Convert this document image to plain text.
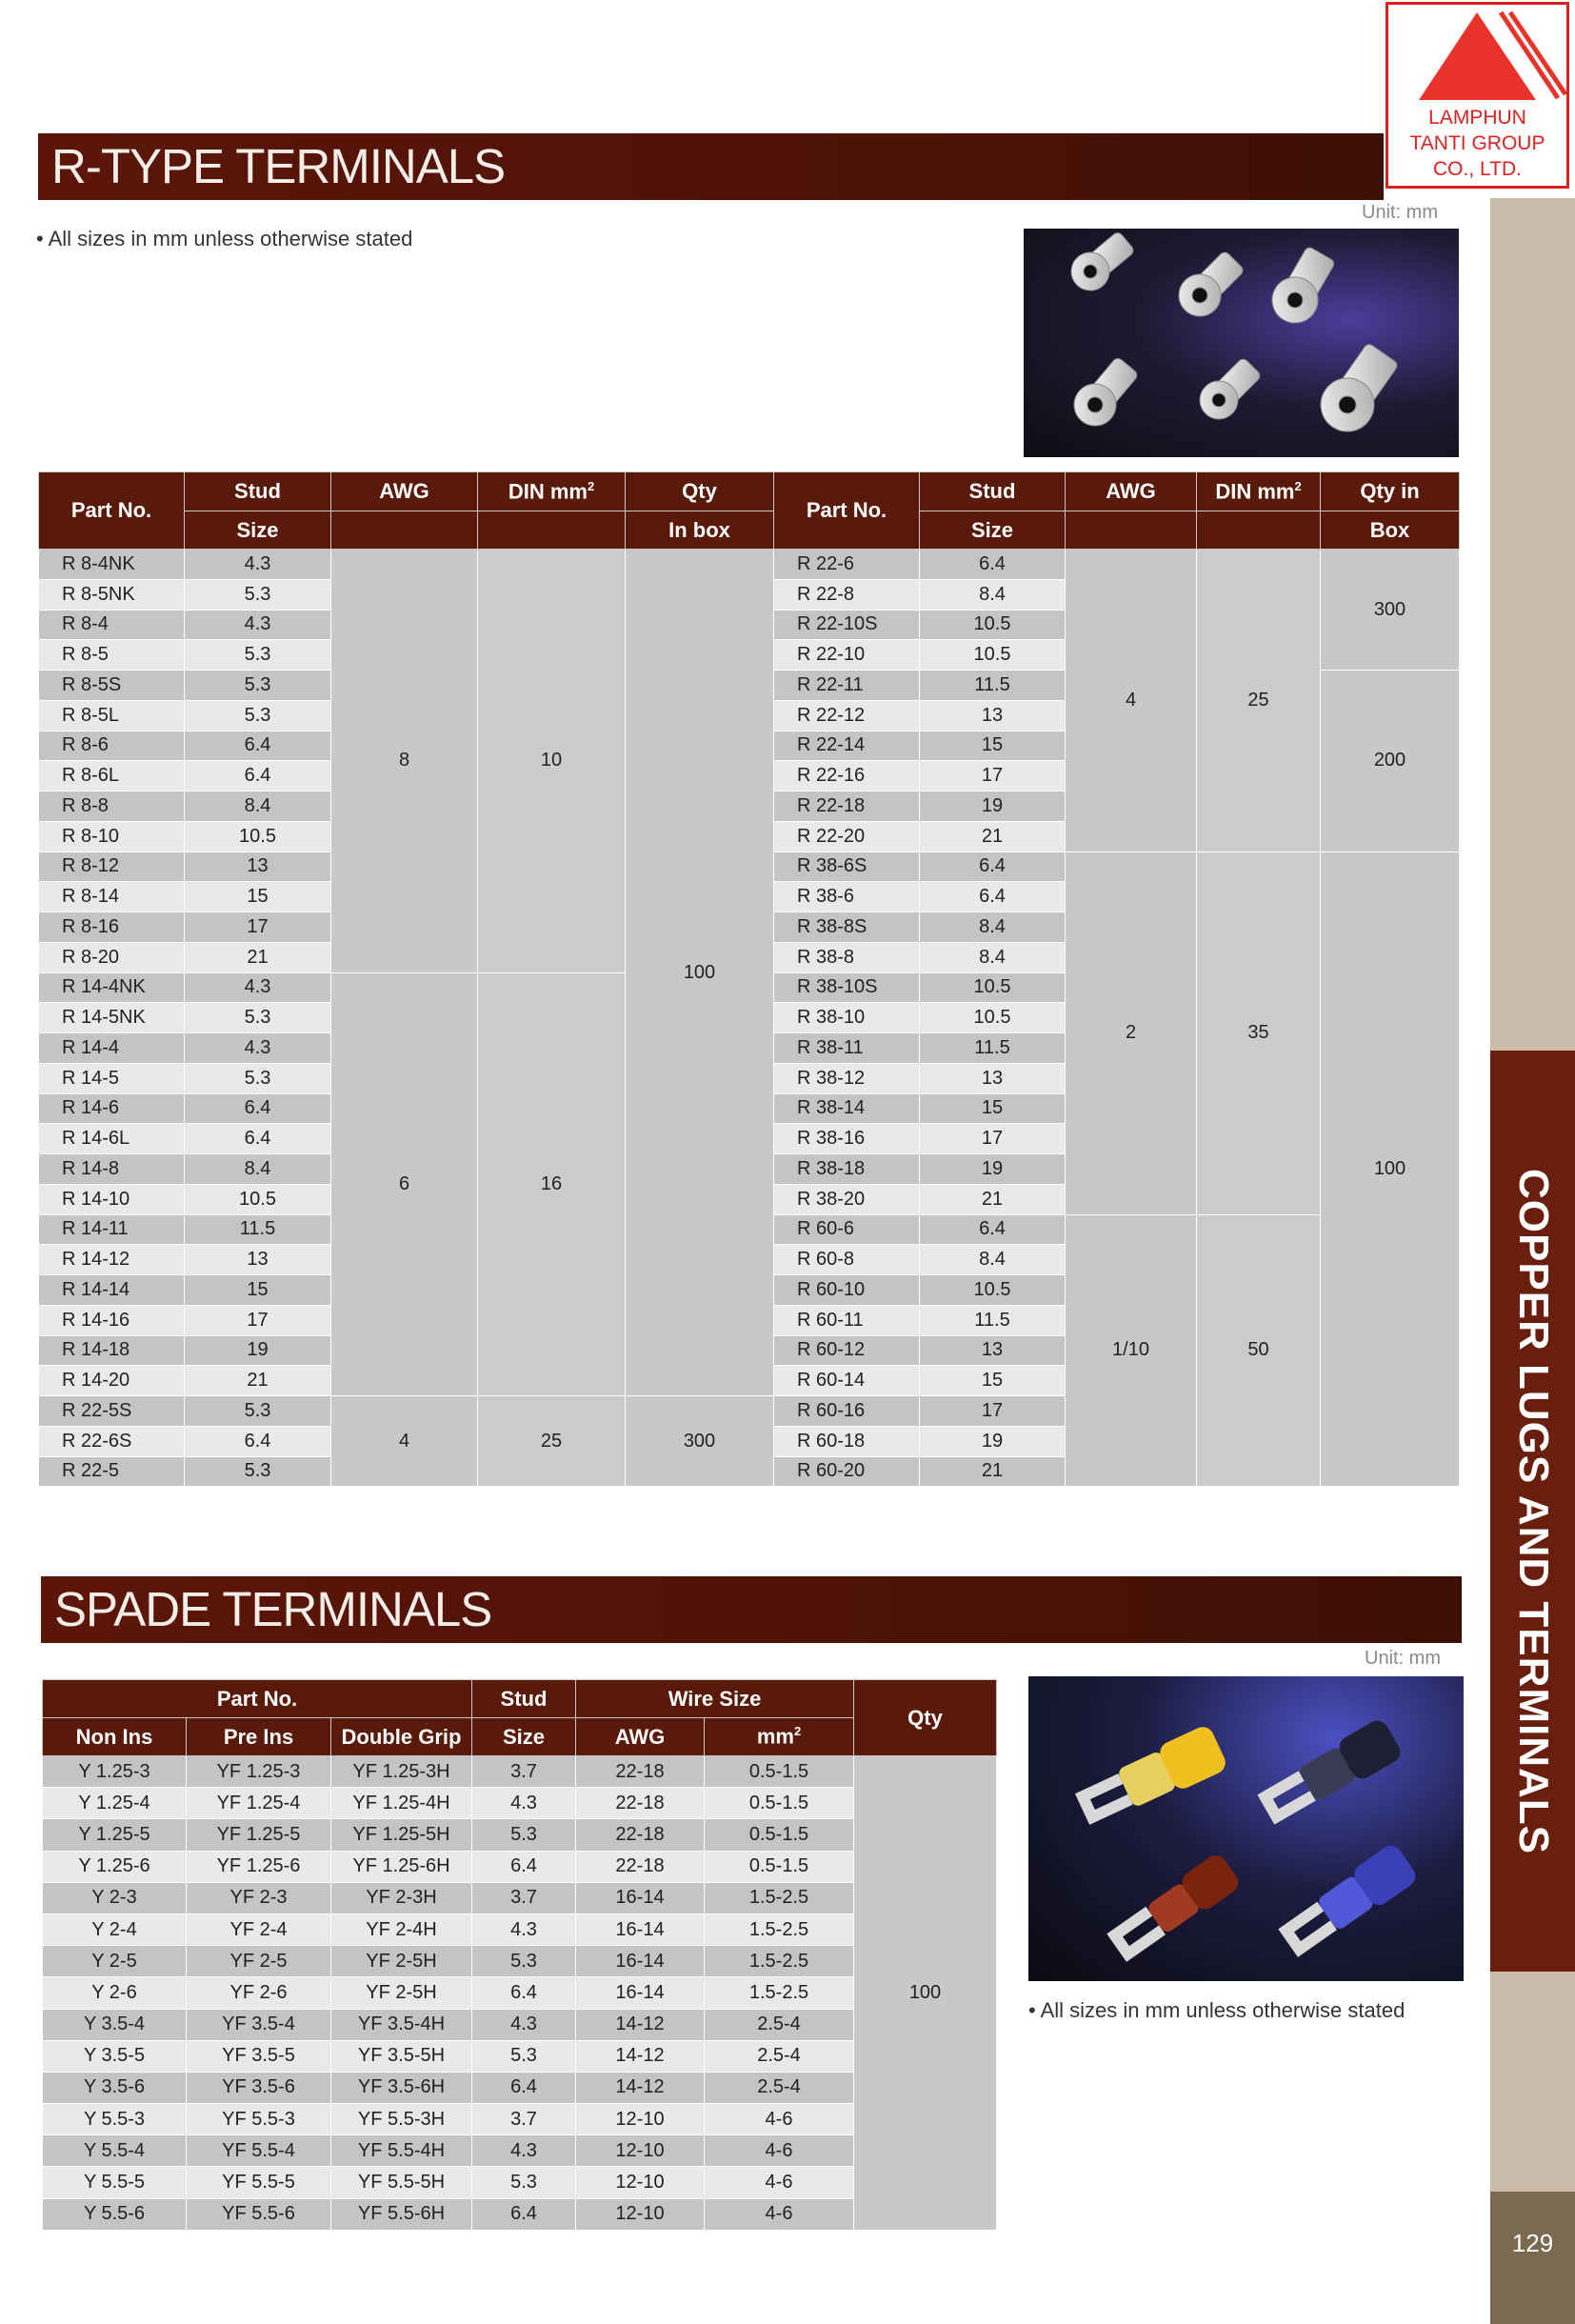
LAMPHUN
TANTI GROUP
CO., LTD.
COPPER LUGS AND TERMINALS
129
R-TYPE TERMINALS
• All sizes in mm unless otherwise stated
Unit: mm
Part No.	Stud	AWG	DIN $mm^2$	Qty
	Size			In box
R 8-4NK	4.3	8	10	100
R 8-5NK	5.3			
R 8-4	4.3			
R 8-5	5.3			
R 8-5S	5.3			
R 8-5L	5.3			
R 8-6	6.4			
R 8-6L	6.4			
R 8-8	8.4			
R 8-10	10.5			
R 8-12	13			
R 8-14	15			
R 8-16	17			
R 8-20	21			
R 14-4NK	4.3	6	16	
R 14-5NK	5.3			
R 14-4	4.3			
R 14-5	5.3			
R 14-6	6.4			
R 14-6L	6.4			
R 14-8	8.4			
R 14-10	10.5			
R 14-11	11.5			
R 14-12	13			
R 14-14	15			
R 14-16	17			
R 14-18	19			
R 14-20	21			
R 22-5S	5.3	4	25	300
R 22-6S	6.4			
R 22-5	5.3			
Part No.	Stud	AWG	DIN $mm^2$	Qty in
	Size			Box
R 22-6	6.4	4	25	300
R 22-8	8.4			
R 22-10S	10.5			
R 22-10	10.5			
R 22-11	11.5			200
R 22-12	13			
R 22-14	15			
R 22-16	17			
R 22-18	19			
R 22-20	21			
R 38-6S	6.4	2	35	100
R 38-6	6.4			
R 38-8S	8.4			
R 38-8	8.4			
R 38-10S	10.5			
R 38-10	10.5			
R 38-11	11.5			
R 38-12	13			
R 38-14	15			
R 38-16	17			
R 38-18	19			
R 38-20	21			
R 60-6	6.4	1/10	50	
R 60-8	8.4			
R 60-10	10.5			
R 60-11	11.5			
R 60-12	13			
R 60-14	15			
R 60-16	17			
R 60-18	19			
R 60-20	21			
SPADE TERMINALS
Unit: mm
Part No.			Stud	Wire Size		Qty
Non Ins	Pre Ins	Double Grip	Size	AWG	$mm^2$
Y 1.25-3	YF 1.25-3	YF 1.25-3H	3.7	22-18	0.5-1.5	100
Y 1.25-4	YF 1.25-4	YF 1.25-4H	4.3	22-18	0.5-1.5	
Y 1.25-5	YF 1.25-5	YF 1.25-5H	5.3	22-18	0.5-1.5	
Y 1.25-6	YF 1.25-6	YF 1.25-6H	6.4	22-18	0.5-1.5	
Y 2-3	YF 2-3	YF 2-3H	3.7	16-14	1.5-2.5	
Y 2-4	YF 2-4	YF 2-4H	4.3	16-14	1.5-2.5	
Y 2-5	YF 2-5	YF 2-5H	5.3	16-14	1.5-2.5	
Y 2-6	YF 2-6	YF 2-5H	6.4	16-14	1.5-2.5	
Y 3.5-4	YF 3.5-4	YF 3.5-4H	4.3	14-12	2.5-4	
Y 3.5-5	YF 3.5-5	YF 3.5-5H	5.3	14-12	2.5-4	
Y 3.5-6	YF 3.5-6	YF 3.5-6H	6.4	14-12	2.5-4	
Y 5.5-3	YF 5.5-3	YF 5.5-3H	3.7	12-10	4-6	
Y 5.5-4	YF 5.5-4	YF 5.5-4H	4.3	12-10	4-6	
Y 5.5-5	YF 5.5-5	YF 5.5-5H	5.3	12-10	4-6	
Y 5.5-6	YF 5.5-6	YF 5.5-6H	6.4	12-10	4-6	
• All sizes in mm unless otherwise stated
